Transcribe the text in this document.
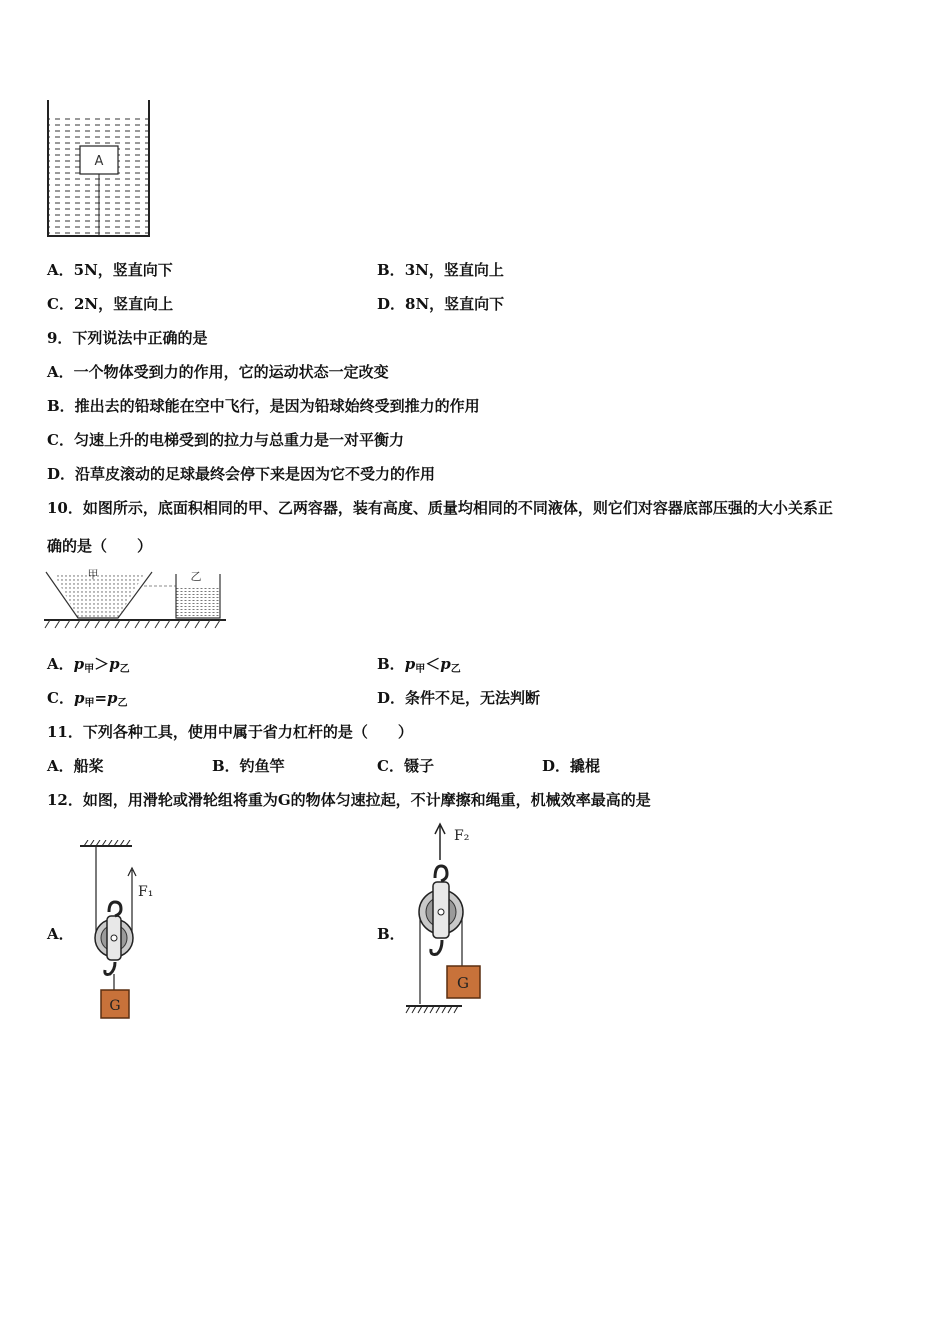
A
A．5N，竖直向下	B．3N，竖直向上
C．2N，竖直向上	D．8N，竖直向下
9．下列说法中正确的是
A．一个物体受到力的作用，它的运动状态一定改变
B．推出去的铅球能在空中飞行，是因为铅球始终受到推力的作用
C．匀速上升的电梯受到的拉力与总重力是一对平衡力
D．沿草皮滚动的足球最终会停下来是因为它不受力的作用
10．如图所示，底面积相同的甲、乙两容器，装有高度、质量均相同的不同液体，则它们对容器底部压强的大小关系正
确的是（　　）
甲	乙
A．$p_甲>p_乙$	B．$p_甲<p_乙$
C．$p_甲=p_乙$	D．条件不足，无法判断
11．下列各种工具，使用中属于省力杠杆的是（　　）
A．船桨	B．钓鱼竿	C．镊子	D．撬棍
12．如图，用滑轮或滑轮组将重为G的物体匀速拉起，不计摩擦和绳重，机械效率最高的是
A．	B．
F₁
G
F₂
G
